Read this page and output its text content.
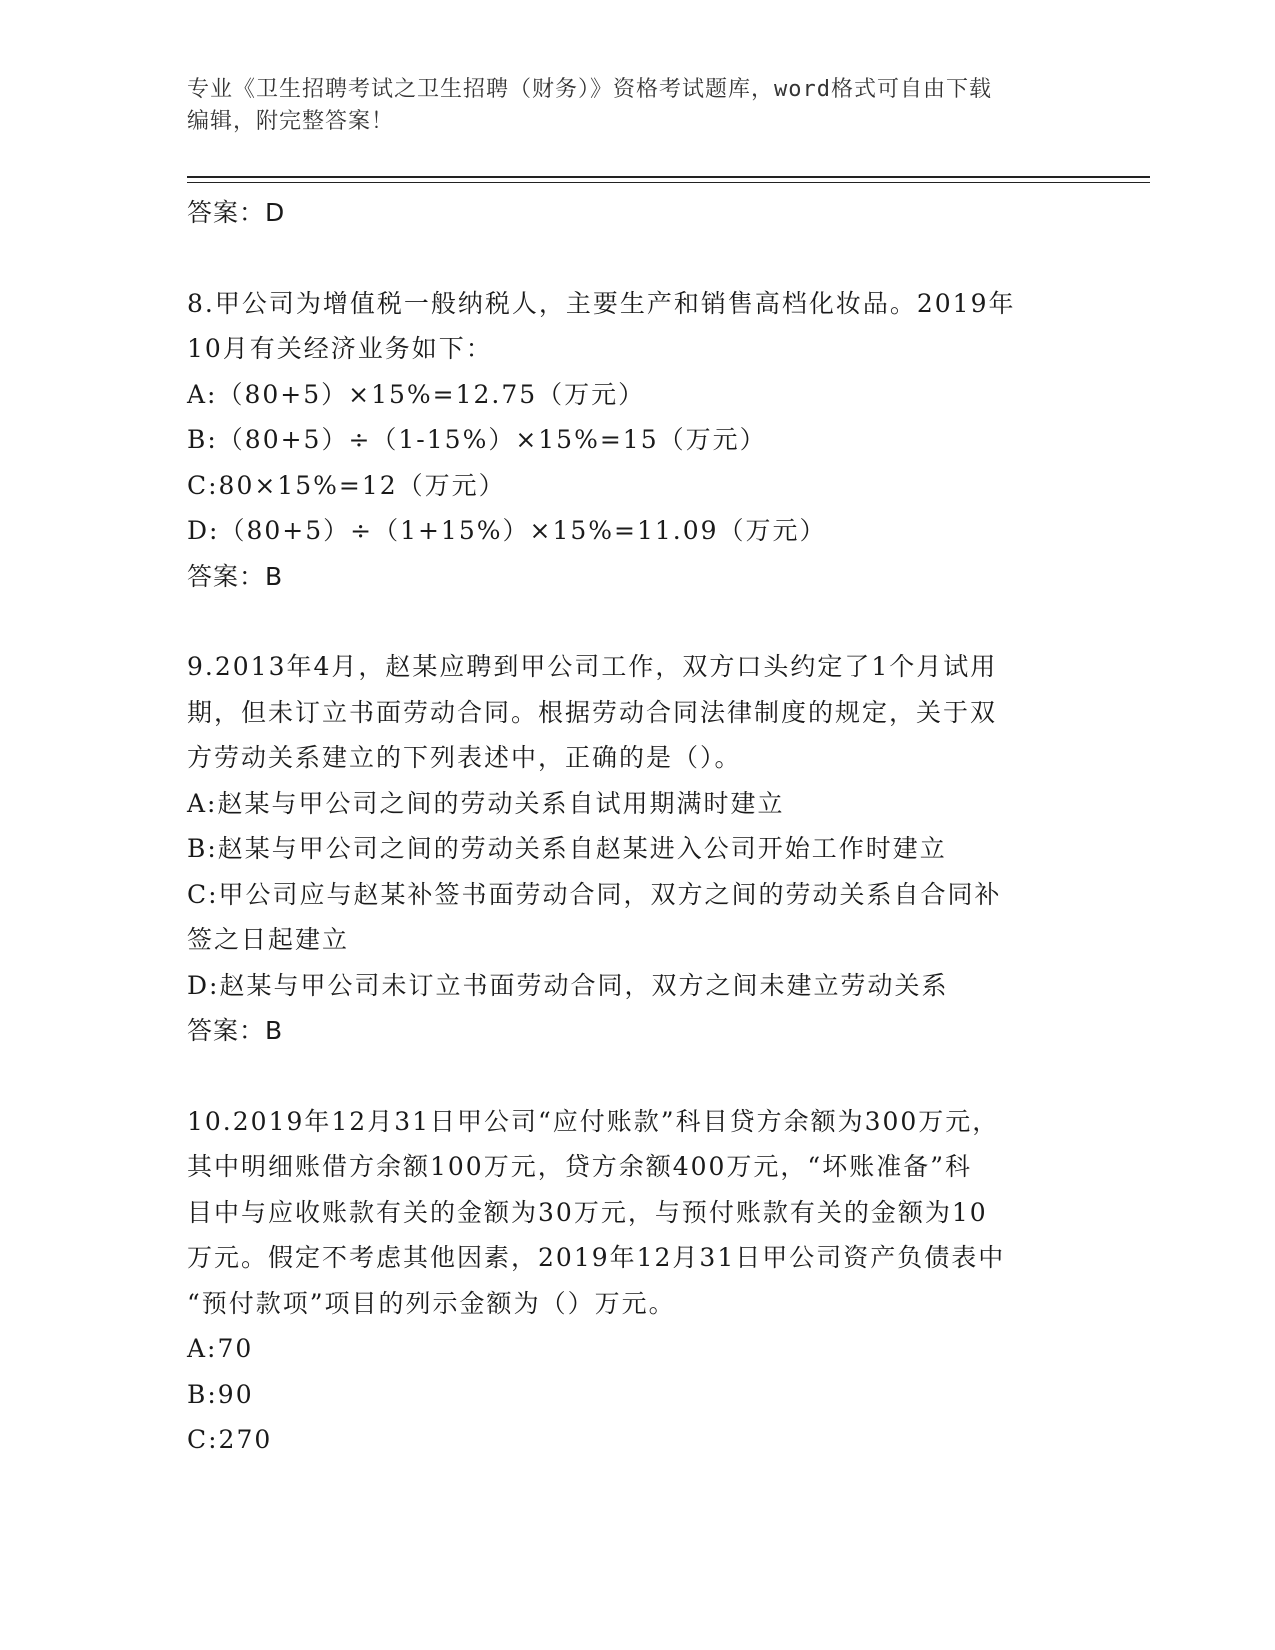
专业《卫生招聘考试之卫生招聘（财务）》资格考试题库，word格式可自由下载
编辑，附完整答案！
答案：D
8.甲公司为增值税一般纳税人，主要生产和销售高档化妆品。2019年
10月有关经济业务如下：
A:（80+5）×15%=12.75（万元）
B:（80+5）÷（1-15%）×15%=15（万元）
C:80×15%=12（万元）
D:（80+5）÷（1+15%）×15%=11.09（万元）
答案：B
9.2013年4月，赵某应聘到甲公司工作，双方口头约定了1个月试用
期，但未订立书面劳动合同。根据劳动合同法律制度的规定，关于双
方劳动关系建立的下列表述中，正确的是（）。
A:赵某与甲公司之间的劳动关系自试用期满时建立
B:赵某与甲公司之间的劳动关系自赵某进入公司开始工作时建立
C:甲公司应与赵某补签书面劳动合同，双方之间的劳动关系自合同补
签之日起建立
D:赵某与甲公司未订立书面劳动合同，双方之间未建立劳动关系
答案：B
10.2019年12月31日甲公司“应付账款”科目贷方余额为300万元，
其中明细账借方余额100万元，贷方余额400万元，“坏账准备”科
目中与应收账款有关的金额为30万元，与预付账款有关的金额为10
万元。假定不考虑其他因素，2019年12月31日甲公司资产负债表中
“预付款项”项目的列示金额为（）万元。
A:70
B:90
C:270
